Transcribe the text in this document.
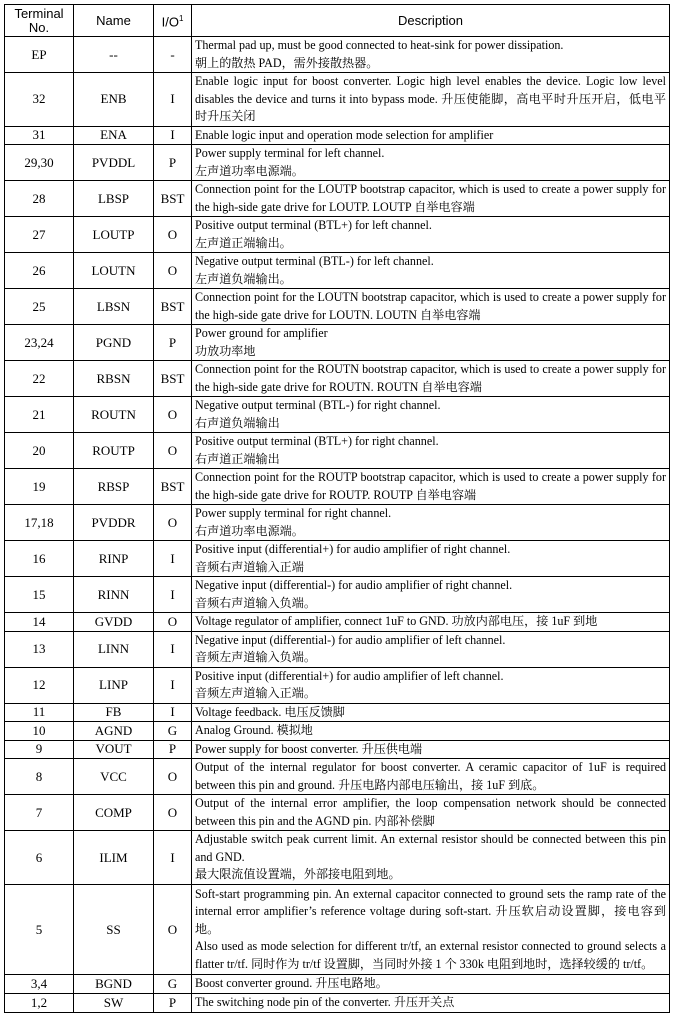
Terminal No.	Name	$I/O^1$	Description
EP	--	-	Thermal pad up, must be good connected to heat-sink for power dissipation.
朝上的散热 PAD，需外接散热器。

32	ENB	I	Enable logic input for boost converter. Logic high level enables the device. Logic low level disables the device and turns it into bypass mode. 升压使能脚，高电平时升压开启，低电平时升压关闭

31	ENA	I	Enable logic input and operation mode selection for amplifier

29,30	PVDDL	P	Power supply terminal for left channel.
左声道功率电源端。

28	LBSP	BST	Connection point for the LOUTP bootstrap capacitor, which is used to create a power supply for the high-side gate drive for LOUTP. LOUTP 自举电容端

27	LOUTP	O	Positive output terminal (BTL+) for left channel.
左声道正端输出。

26	LOUTN	O	Negative output terminal (BTL-) for left channel.
左声道负端输出。

25	LBSN	BST	Connection point for the LOUTN bootstrap capacitor, which is used to create a power supply for the high-side gate drive for LOUTN. LOUTN 自举电容端

23,24	PGND	P	Power ground for amplifier
功放功率地

22	RBSN	BST	Connection point for the ROUTN bootstrap capacitor, which is used to create a power supply for the high-side gate drive for ROUTN. ROUTN 自举电容端

21	ROUTN	O	Negative output terminal (BTL-) for right channel.
右声道负端输出

20	ROUTP	O	Positive output terminal (BTL+) for right channel.
右声道正端输出

19	RBSP	BST	Connection point for the ROUTP bootstrap capacitor, which is used to create a power supply for the high-side gate drive for ROUTP. ROUTP 自举电容端

17,18	PVDDR	O	Power supply terminal for right channel.
右声道功率电源端。

16	RINP	I	Positive input (differential+) for audio amplifier of right channel.
音频右声道输入正端

15	RINN	I	Negative input (differential-) for audio amplifier of right channel.
音频右声道输入负端。

14	GVDD	O	Voltage regulator of amplifier, connect 1uF to GND. 功放内部电压，接 1uF 到地

13	LINN	I	Negative input (differential-) for audio amplifier of left channel.
音频左声道输入负端。

12	LINP	I	Positive input (differential+) for audio amplifier of left channel.
音频左声道输入正端。

11	FB	I	Voltage feedback. 电压反馈脚

10	AGND	G	Analog Ground. 模拟地

9	VOUT	P	Power supply for boost converter. 升压供电端

8	VCC	O	Output of the internal regulator for boost converter. A ceramic capacitor of 1uF is required between this pin and ground. 升压电路内部电压输出，接 1uF 到底。

7	COMP	O	Output of the internal error amplifier, the loop compensation network should be connected between this pin and the AGND pin. 内部补偿脚

6	ILIM	I	Adjustable switch peak current limit. An external resistor should be connected between this pin and GND.
最大限流值设置端，外部接电阻到地。

5	SS	O	Soft-start programming pin. An external capacitor connected to ground sets the ramp rate of the internal error amplifier’s reference voltage during soft-start. 升压软启动设置脚，接电容到地。
Also used as mode selection for different tr/tf, an external resistor connected to ground selects a flatter tr/tf. 同时作为 tr/tf 设置脚，当同时外接 1 个 330k 电阻到地时，选择较缓的 tr/tf。

3,4	BGND	G	Boost converter ground. 升压电路地。

1,2	SW	P	The switching node pin of the converter. 升压开关点
